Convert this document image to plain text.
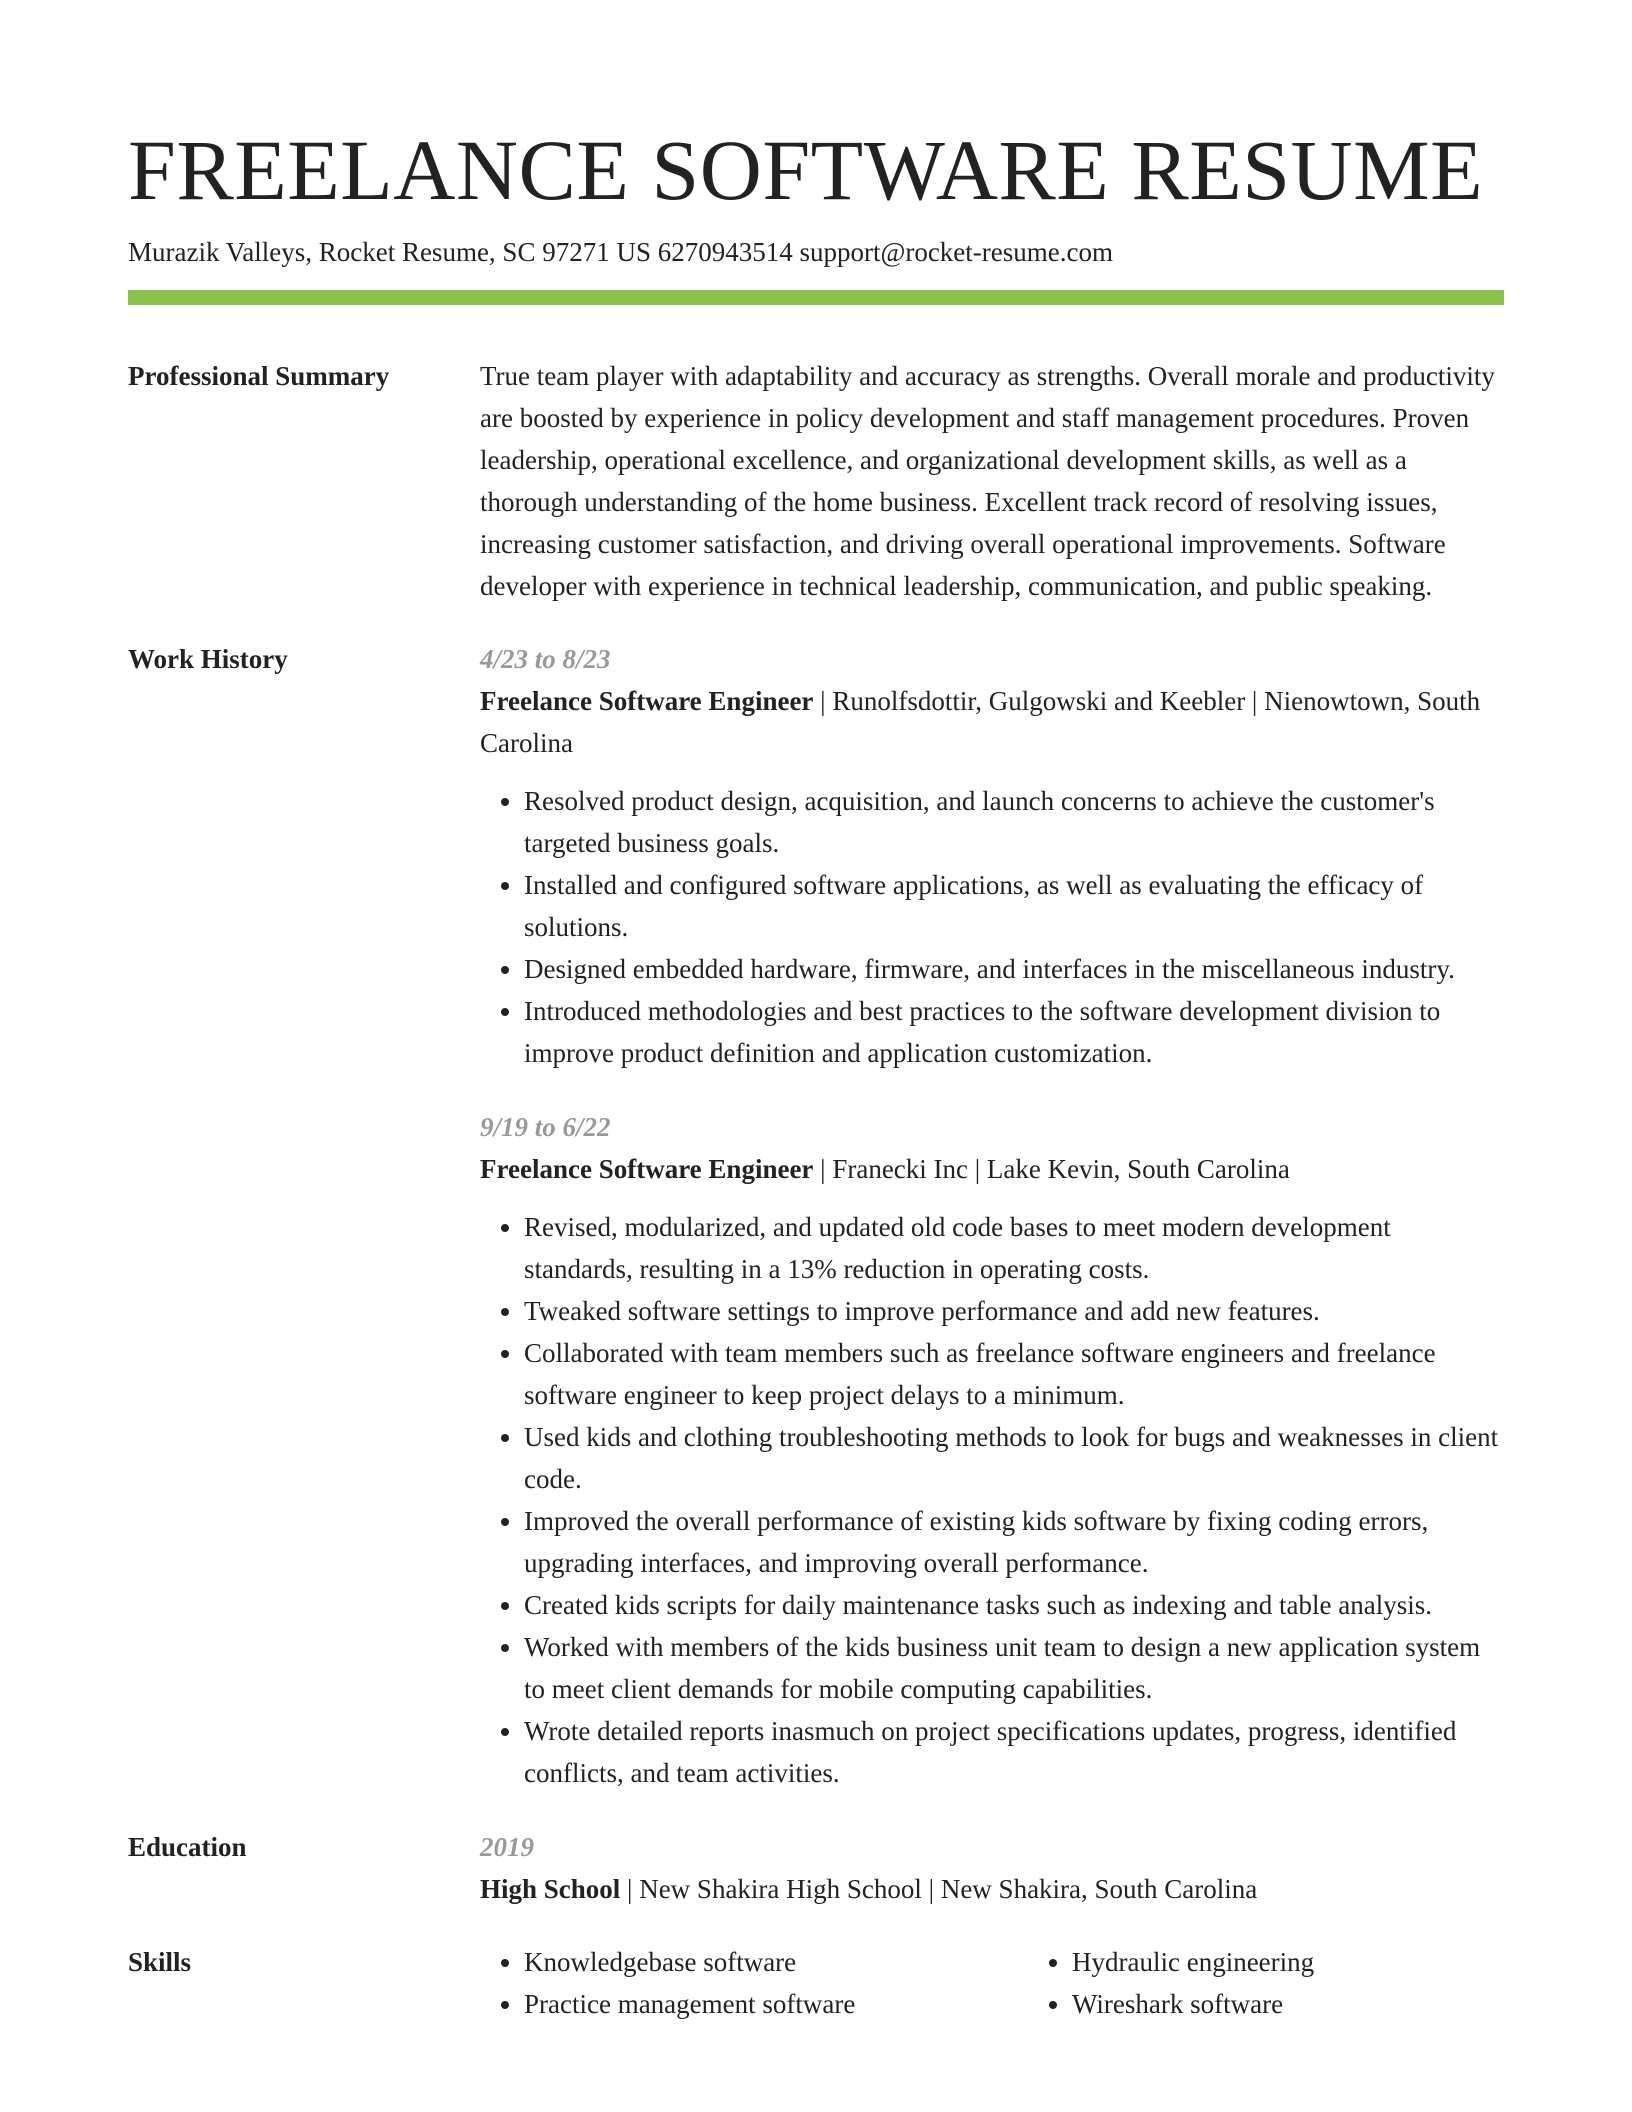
FREELANCE SOFTWARE RESUME
Murazik Valleys, Rocket Resume, SC 97271 US 6270943514 support@rocket-resume.com
Professional Summary	True team player with adaptability and accuracy as strengths. Overall morale and productivity are boosted by experience in policy development and staff management procedures. Proven leadership, operational excellence, and organizational development skills, as well as a thorough understanding of the home business. Excellent track record of resolving issues, increasing customer satisfaction, and driving overall operational improvements. Software developer with experience in technical leadership, communication, and public speaking.
Work History	4/23 to 8/23
Freelance Software Engineer | Runolfsdottir, Gulgowski and Keebler | Nienowtown, South Carolina
• Resolved product design, acquisition, and launch concerns to achieve the customer's targeted business goals.
• Installed and configured software applications, as well as evaluating the efficacy of solutions.
• Designed embedded hardware, firmware, and interfaces in the miscellaneous industry.
• Introduced methodologies and best practices to the software development division to improve product definition and application customization.
9/19 to 6/22
Freelance Software Engineer | Franecki Inc | Lake Kevin, South Carolina
• Revised, modularized, and updated old code bases to meet modern development standards, resulting in a 13% reduction in operating costs.
• Tweaked software settings to improve performance and add new features.
• Collaborated with team members such as freelance software engineers and freelance software engineer to keep project delays to a minimum.
• Used kids and clothing troubleshooting methods to look for bugs and weaknesses in client code.
• Improved the overall performance of existing kids software by fixing coding errors, upgrading interfaces, and improving overall performance.
• Created kids scripts for daily maintenance tasks such as indexing and table analysis.
• Worked with members of the kids business unit team to design a new application system to meet client demands for mobile computing capabilities.
• Wrote detailed reports inasmuch on project specifications updates, progress, identified conflicts, and team activities.
Education	2019
High School | New Shakira High School | New Shakira, South Carolina
Skills
•	Knowledgebase software
• Practice management software
• Hydraulic engineering
• Wireshark software
